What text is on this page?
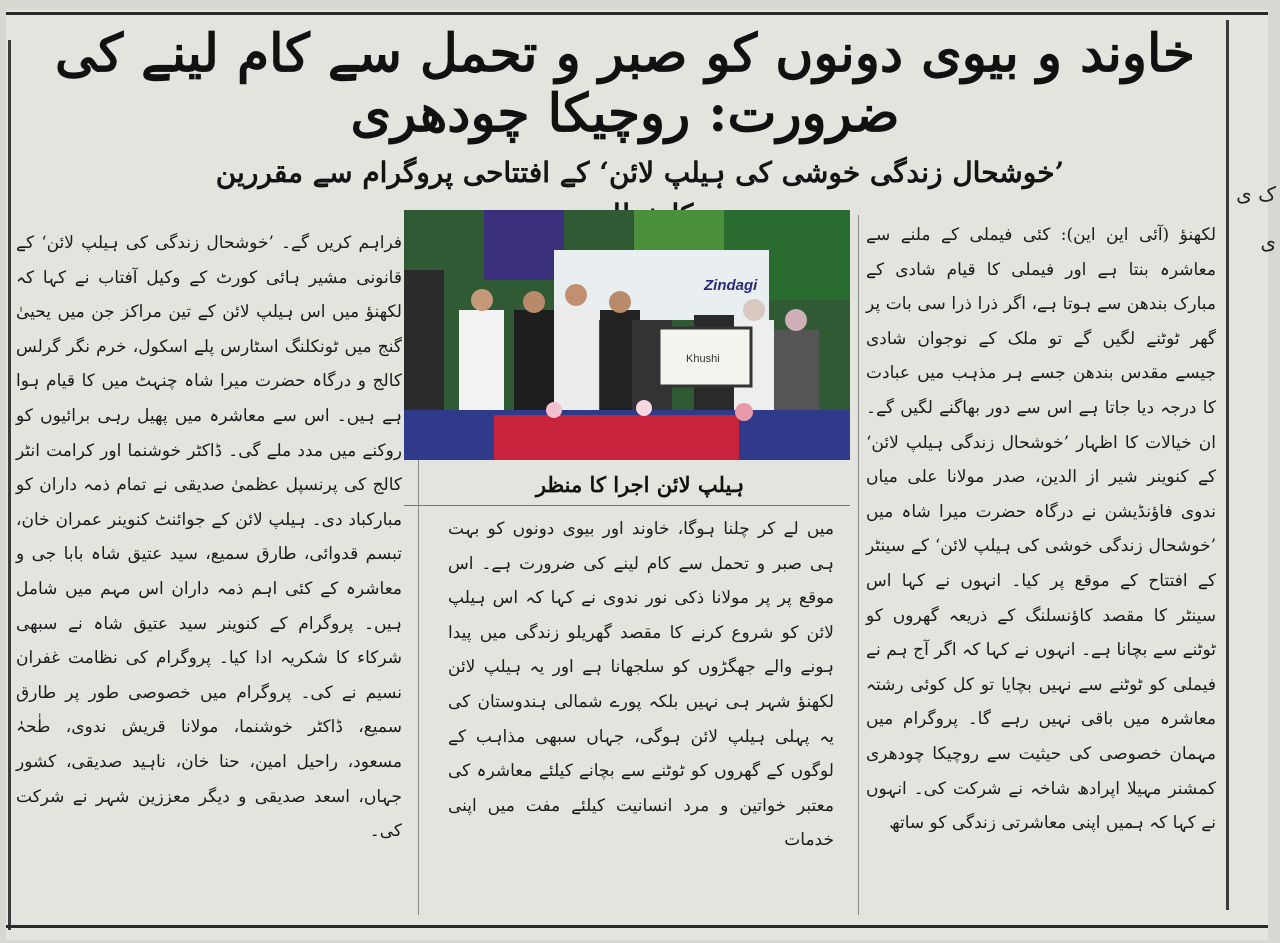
ک ی ی
خاوند و بیوی دونوں کو صبر و تحمل سے کام لینے کی ضرورت: روچیکا چودھری
’خوشحال زندگی خوشی کی ہیلپ لائن‘ کے افتتاحی پروگرام سے مقررین
لکھنؤ (آئی این این): کئی فیملی کے ملنے سے معاشرہ بنتا ہے اور فیملی کا قیام شادی کے مبارک بندھن سے ہوتا ہے، اگر ذرا ذرا سی بات پر گھر ٹوٹنے لگیں گے تو ملک کے نوجوان شادی جیسے مقدس بندھن جسے ہر مذہب میں عبادت کا درجہ دیا جاتا ہے اس سے دور بھاگنے لگیں گے۔ ان خیالات کا اظہار ’خوشحال زندگی ہیلپ لائن‘ کے کنوینر شیر از الدین، صدر مولانا علی میاں ندوی فاؤنڈیشن نے درگاہ حضرت میرا شاہ میں ’خوشحال زندگی خوشی کی ہیلپ لائن‘ کے سینٹر کے افتتاح کے موقع پر کیا۔ انہوں نے کہا اس سینٹر کا مقصد کاؤنسلنگ کے ذریعہ گھروں کو ٹوٹنے سے بچانا ہے۔ انہوں نے کہا کہ اگر آج ہم نے فیملی کو ٹوٹنے سے نہیں بچایا تو کل کوئی رشتہ معاشرہ میں باقی نہیں رہے گا۔ پروگرام میں مہمان خصوصی کی حیثیت سے روچیکا چودھری کمشنر مہیلا اپرادھ شاخہ نے شرکت کی۔ انہوں نے کہا کہ ہمیں اپنی معاشرتی زندگی کو ساتھ
Zindagi
Khushi
ہیلپ لائن اجرا کا منظر
میں لے کر چلنا ہوگا، خاوند اور بیوی دونوں کو بہت ہی صبر و تحمل سے کام لینے کی ضرورت ہے۔ اس موقع پر پر مولانا ذکی نور ندوی نے کہا کہ اس ہیلپ لائن کو شروع کرنے کا مقصد گھریلو زندگی میں پیدا ہونے والے جھگڑوں کو سلجھانا ہے اور یہ ہیلپ لائن لکھنؤ شہر ہی نہیں بلکہ پورے شمالی ہندوستان کی یہ پہلی ہیلپ لائن ہوگی، جہاں سبھی مذاہب کے لوگوں کے گھروں کو ٹوٹنے سے بچانے کیلئے معاشرہ کی معتبر خواتین و مرد انسانیت کیلئے مفت میں اپنی خدمات
فراہم کریں گے۔ ’خوشحال زندگی کی ہیلپ لائن‘ کے قانونی مشیر ہائی کورٹ کے وکیل آفتاب نے کہا کہ لکھنؤ میں اس ہیلپ لائن کے تین مراکز جن میں یحییٰ گنج میں ٹونکلنگ اسٹارس پلے اسکول، خرم نگر گرلس کالج و درگاہ حضرت میرا شاہ چنہٹ میں کا قیام ہوا ہے ہیں۔ اس سے معاشرہ میں پھیل رہی برائیوں کو روکنے میں مدد ملے گی۔ ڈاکٹر خوشنما اور کرامت انٹر کالج کی پرنسپل عظمیٰ صدیقی نے تمام ذمہ داران کو مبارکباد دی۔ ہیلپ لائن کے جوائنٹ کنوینر عمران خان، تبسم قدوائی، طارق سمیع، سید عتیق شاہ بابا جی و معاشرہ کے کئی اہم ذمہ داران اس مہم میں شامل ہیں۔ پروگرام کے کنوینر سید عتیق شاہ نے سبھی شرکاء کا شکریہ ادا کیا۔ پروگرام کی نظامت غفران نسیم نے کی۔ پروگرام میں خصوصی طور پر طارق سمیع، ڈاکٹر خوشنما، مولانا قریش ندوی، طٰحہٰ مسعود، راحیل امین، حنا خان، ناہید صدیقی، کشور جہاں، اسعد صدیقی و دیگر معززین شہر نے شرکت کی۔
